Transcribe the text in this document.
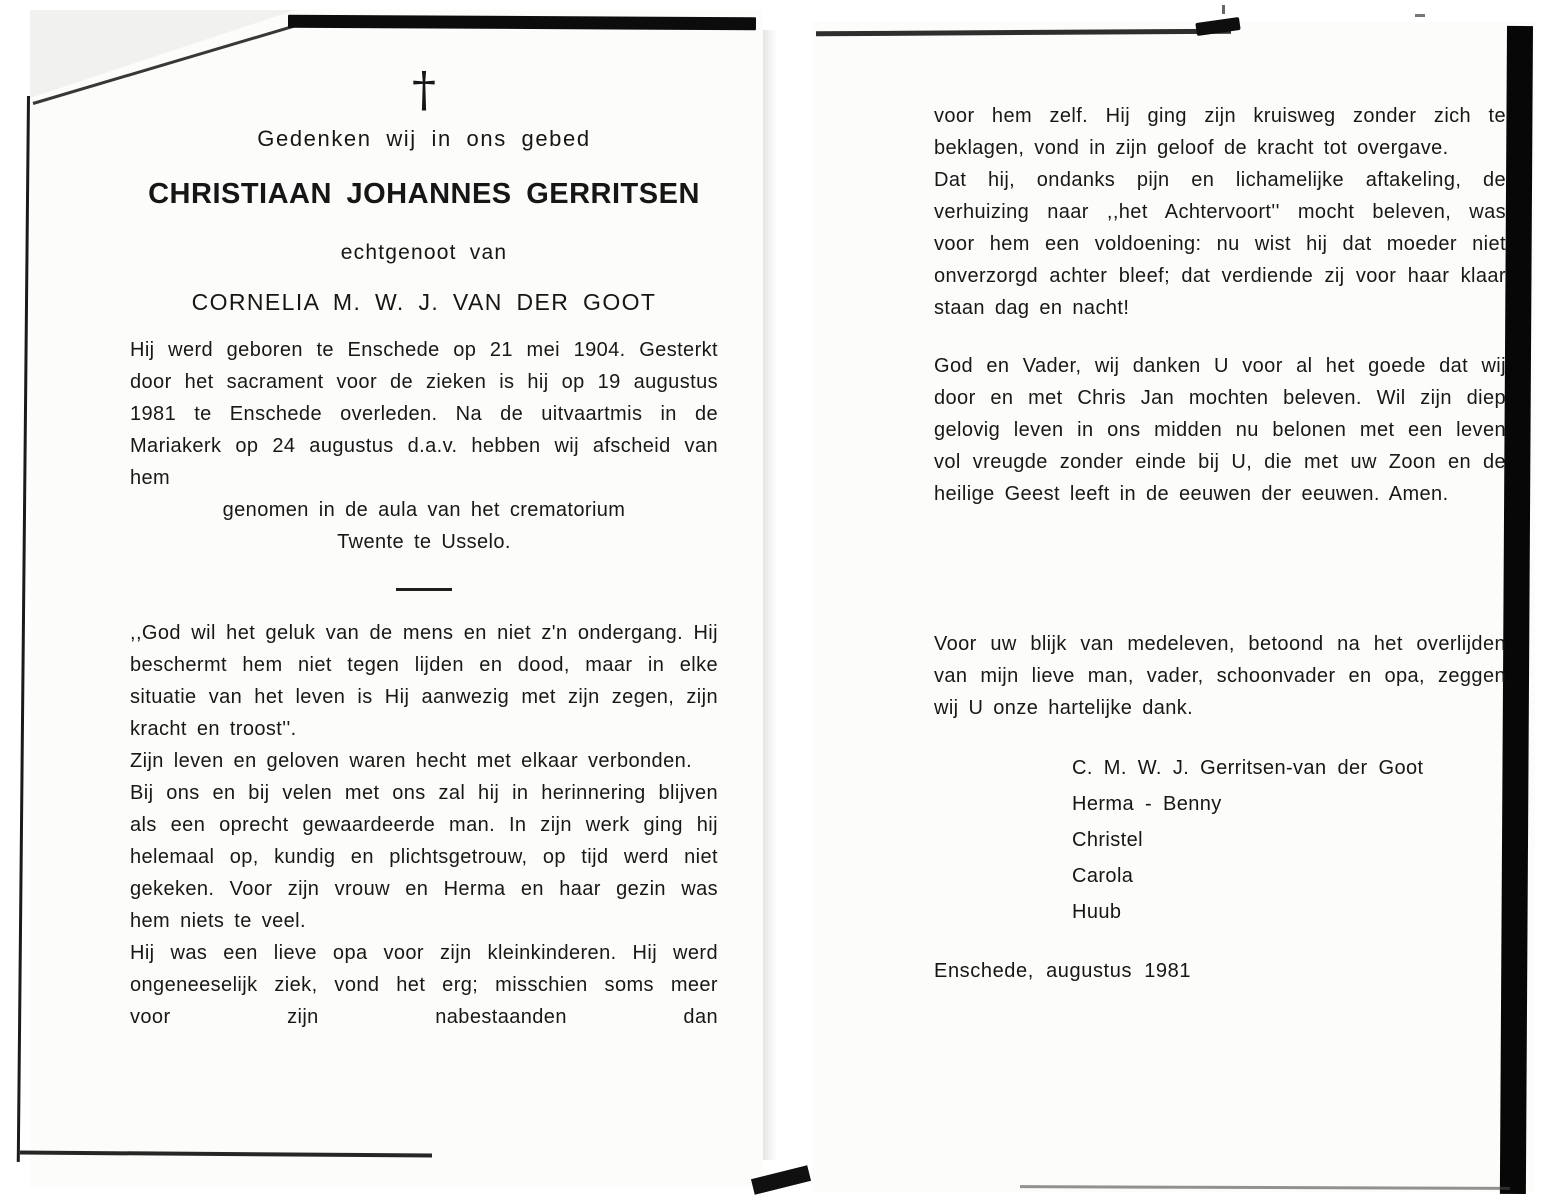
†
Gedenken wij in ons gebed
CHRISTIAAN JOHANNES GERRITSEN
echtgenoot van
CORNELIA M. W. J. VAN DER GOOT

Hij werd geboren te Enschede op 21 mei 1904. Gesterkt door het sacrament voor de zieken is hij op 19 augustus 1981 te Enschede overleden. Na de uitvaartmis in de Mariakerk op 24 augustus d.a.v. hebben wij afscheid van hem

genomen in de aula van het crematorium

Twente te Usselo.

,,God wil het geluk van de mens en niet z'n ondergang. Hij beschermt hem niet tegen lijden en dood, maar in elke situatie van het leven is Hij aanwezig met zijn zegen, zijn kracht en troost''.

Zijn leven en geloven waren hecht met elkaar verbonden.

Bij ons en bij velen met ons zal hij in herinnering blijven als een oprecht gewaardeerde man. In zijn werk ging hij helemaal op, kundig en plichtsgetrouw, op tijd werd niet gekeken. Voor zijn vrouw en Herma en haar gezin was hem niets te veel.

Hij was een lieve opa voor zijn kleinkinderen. Hij werd ongeneeselijk ziek, vond het erg; misschien soms meer voor zijn nabestaanden dan

voor hem zelf. Hij ging zijn kruisweg zonder zich te beklagen, vond in zijn geloof de kracht tot overgave.

Dat hij, ondanks pijn en lichamelijke aftakeling, de verhuizing naar ,,het Achtervoort'' mocht beleven, was voor hem een voldoening: nu wist hij dat moeder niet onverzorgd achter bleef; dat verdiende zij voor haar klaar staan dag en nacht!

God en Vader, wij danken U voor al het goede dat wij door en met Chris Jan mochten beleven. Wil zijn diep gelovig leven in ons midden nu belonen met een leven vol vreugde zonder einde bij U, die met uw Zoon en de heilige Geest leeft in de eeuwen der eeuwen. Amen.

Voor uw blijk van medeleven, betoond na het overlijden van mijn lieve man, vader, schoonvader en opa, zeggen wij U onze hartelijke dank.

C. M. W. J. Gerritsen-van der Goot
Herma - Benny
Christel
Carola
Huub

Enschede, augustus 1981
